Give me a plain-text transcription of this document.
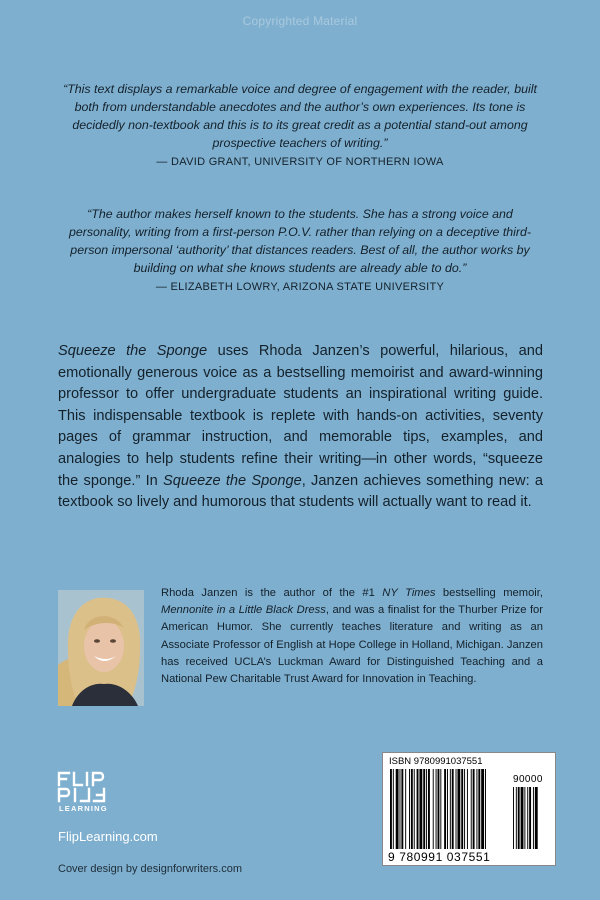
Copyrighted Material
“This text displays a remarkable voice and degree of engagement with the reader, built both from understandable anecdotes and the author’s own experiences. Its tone is decidedly non-textbook and this is to its great credit as a potential stand-out among prospective teachers of writing.”
— DAVID GRANT, UNIVERSITY OF NORTHERN IOWA
“The author makes herself known to the students. She has a strong voice and personality, writing from a first-person P.O.V. rather than relying on a deceptive third-person impersonal ‘authority’ that distances readers. Best of all, the author works by building on what she knows students are already able to do.”
— ELIZABETH LOWRY, ARIZONA STATE UNIVERSITY
Squeeze the Sponge uses Rhoda Janzen’s powerful, hilarious, and emotionally generous voice as a bestselling memoirist and award-winning professor to offer undergraduate students an inspirational writing guide. This indispensable textbook is replete with hands-on activities, seventy pages of grammar instruction, and memorable tips, examples, and analogies to help students refine their writing—in other words, “squeeze the sponge.” In Squeeze the Sponge, Janzen achieves something new: a textbook so lively and humorous that students will actually want to read it.
Rhoda Janzen is the author of the #1 NY Times bestselling memoir, Mennonite in a Little Black Dress, and was a finalist for the Thurber Prize for American Humor. She currently teaches literature and writing as an Associate Professor of English at Hope College in Holland, Michigan. Janzen has received UCLA’s Luckman Award for Distinguished Teaching and a National Pew Charitable Trust Award for Innovation in Teaching.
LEARNING
FlipLearning.com
Cover design by designforwriters.com
ISBN 9780991037551
90000
9 780991 037551
